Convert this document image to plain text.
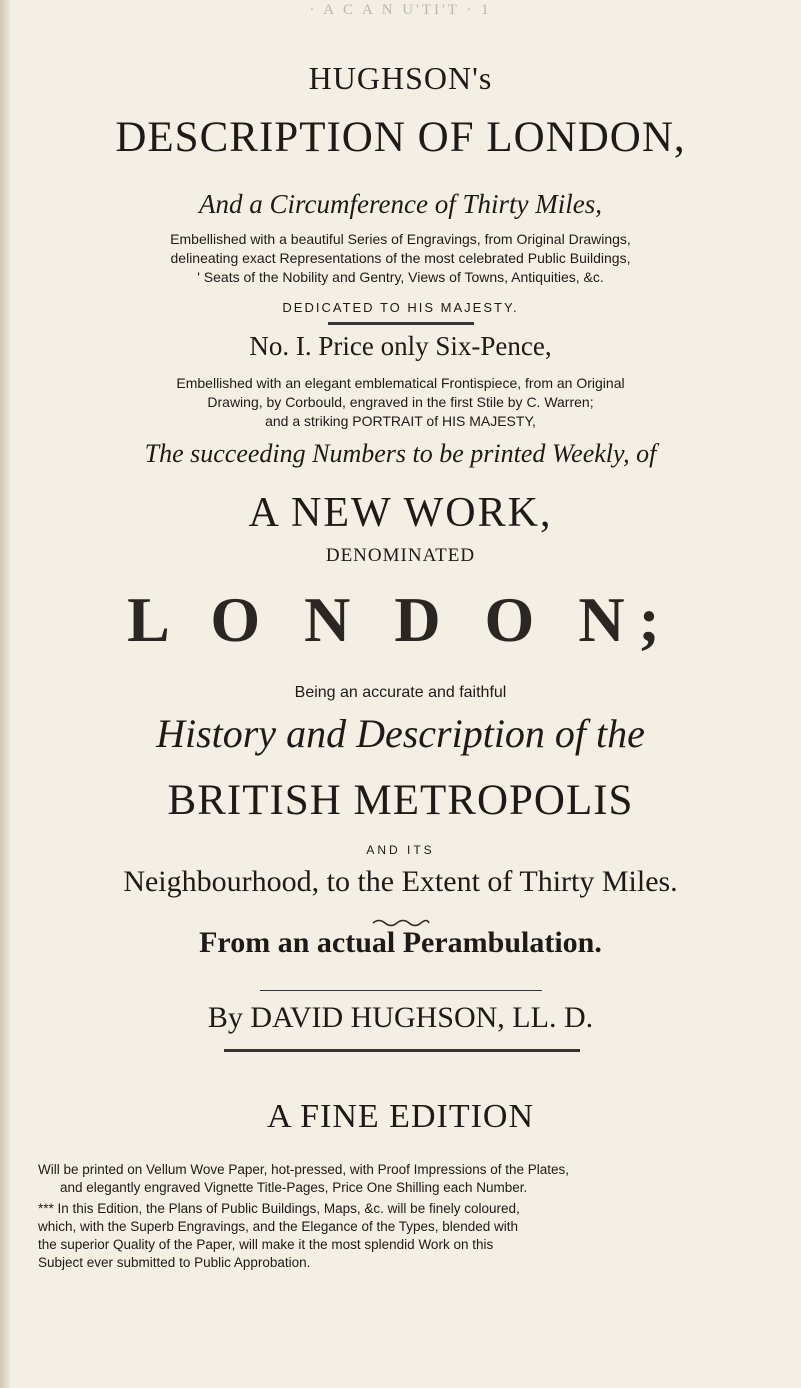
· A C A N U'TI'T · 1
HUGHSON's
DESCRIPTION OF LONDON,
And a Circumference of Thirty Miles,
Embellished with a beautiful Series of Engravings, from Original Drawings,
delineating exact Representations of the most celebrated Public Buildings,
' Seats of the Nobility and Gentry, Views of Towns, Antiquities, &c.
DEDICATED TO HIS MAJESTY.
No. I. Price only Six-Pence,
Embellished with an elegant emblematical Frontispiece, from an Original
Drawing, by Corbould, engraved in the first Stile by C. Warren;
and a striking PORTRAIT of HIS MAJESTY,
The succeeding Numbers to be printed Weekly, of
A NEW WORK,
DENOMINATED
L O N D O N;
Being an accurate and faithful
History and Description of the
BRITISH METROPOLIS
AND ITS
Neighbourhood, to the Extent of Thirty Miles.
From an actual Perambulation.
By DAVID HUGHSON, LL. D.
A FINE EDITION
Will be printed on Vellum Wove Paper, hot-pressed, with Proof Impressions of the Plates,
and elegantly engraved Vignette Title-Pages, Price One Shilling each Number.
*** In this Edition, the Plans of Public Buildings, Maps, &c. will be finely coloured,
which, with the Superb Engravings, and the Elegance of the Types, blended with
the superior Quality of the Paper, will make it the most splendid Work on this
Subject ever submitted to Public Approbation.
